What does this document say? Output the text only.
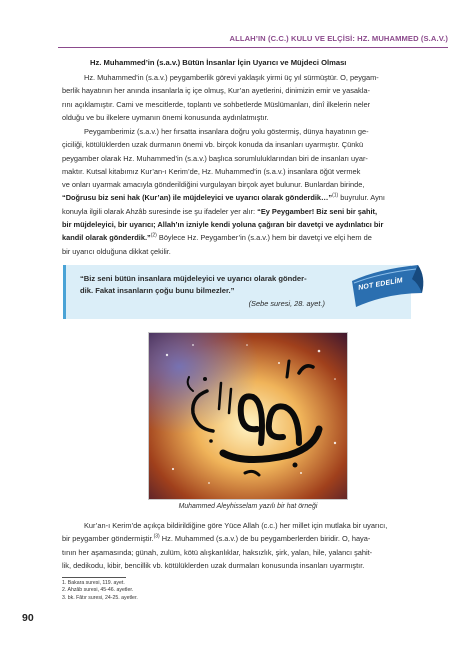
ALLAH’IN (C.C.) KULU VE ELÇİSİ: HZ. MUHAMMED (S.A.V.)
Hz. Muhammed’in (s.a.v.) Bütün İnsanlar İçin Uyarıcı ve Müjdeci Olması
Hz. Muhammed’in (s.a.v.) peygamberlik görevi yaklaşık yirmi üç yıl sürmüştür. O, peygam-
berlik hayatının her anında insanlarla iç içe olmuş, Kur’an ayetlerini, dinimizin emir ve yasakla-
rını açıklamıştır. Cami ve mescitlerde, toplantı ve sohbetlerde Müslümanları, dinî ilkelerin neler
olduğu ve bu ilkelere uymanın önemi konusunda aydınlatmıştır.
Peygamberimiz (s.a.v.) her fırsatta insanlara doğru yolu göstermiş, dünya hayatının ge-
çiciliği, kötülüklerden uzak durmanın önemi vb. birçok konuda da insanları uyarmıştır. Çünkü
peygamber olarak Hz. Muhammed’in (s.a.v.) başlıca sorumluluklarından biri de insanları uyar-
maktır. Kutsal kitabımız Kur’an-ı Kerim’de, Hz. Muhammed’in (s.a.v.) insanlara öğüt vermek
ve onları uyarmak amacıyla gönderildiğini vurgulayan birçok ayet bulunur. Bunlardan birinde,
“Doğrusu biz seni hak (Kur’an) ile müjdeleyici ve uyarıcı olarak gönderdik…”$^{(1)}$ buyrulur. Aynı
konuyla ilgili olarak Ahzâb suresinde ise şu ifadeler yer alır: “Ey Peygamber! Biz seni bir şahit,
bir müjdeleyici, bir uyarıcı; Allah’ın izniyle kendi yoluna çağıran bir davetçi ve aydınlatıcı bir
kandil olarak gönderdik.”$^{(2)}$ Böylece Hz. Peygamber’in (s.a.v.) hem bir davetçi ve elçi hem de
bir uyarıcı olduğuna dikkat çekilir.
“Biz seni bütün insanlara müjdeleyici ve uyarıcı olarak gönder-
dik. Fakat insanların çoğu bunu bilmezler.”
(Sebe suresi, 28. ayet.)
NOT EDELİM
Muhammed Aleyhisselam yazılı bir hat örneği
Kur’an-ı Kerim’de açıkça bildirildiğine göre Yüce Allah (c.c.) her millet için mutlaka bir uyarıcı,
bir peygamber göndermiştir.$^{(3)}$ Hz. Muhammed (s.a.v.) de bu peygamberlerden biridir. O, haya-
tının her aşamasında; günah, zulüm, kötü alışkanlıklar, haksızlık, şirk, yalan, hile, yalancı şahit-
lik, dedikodu, kibir, bencillik vb. kötülüklerden uzak durmaları konusunda insanları uyarmıştır.
1. Bakara suresi, 119. ayet.
2. Ahzâb suresi, 45-46. ayetler.
3. bk. Fâtır suresi, 24-25. ayetler.
90
